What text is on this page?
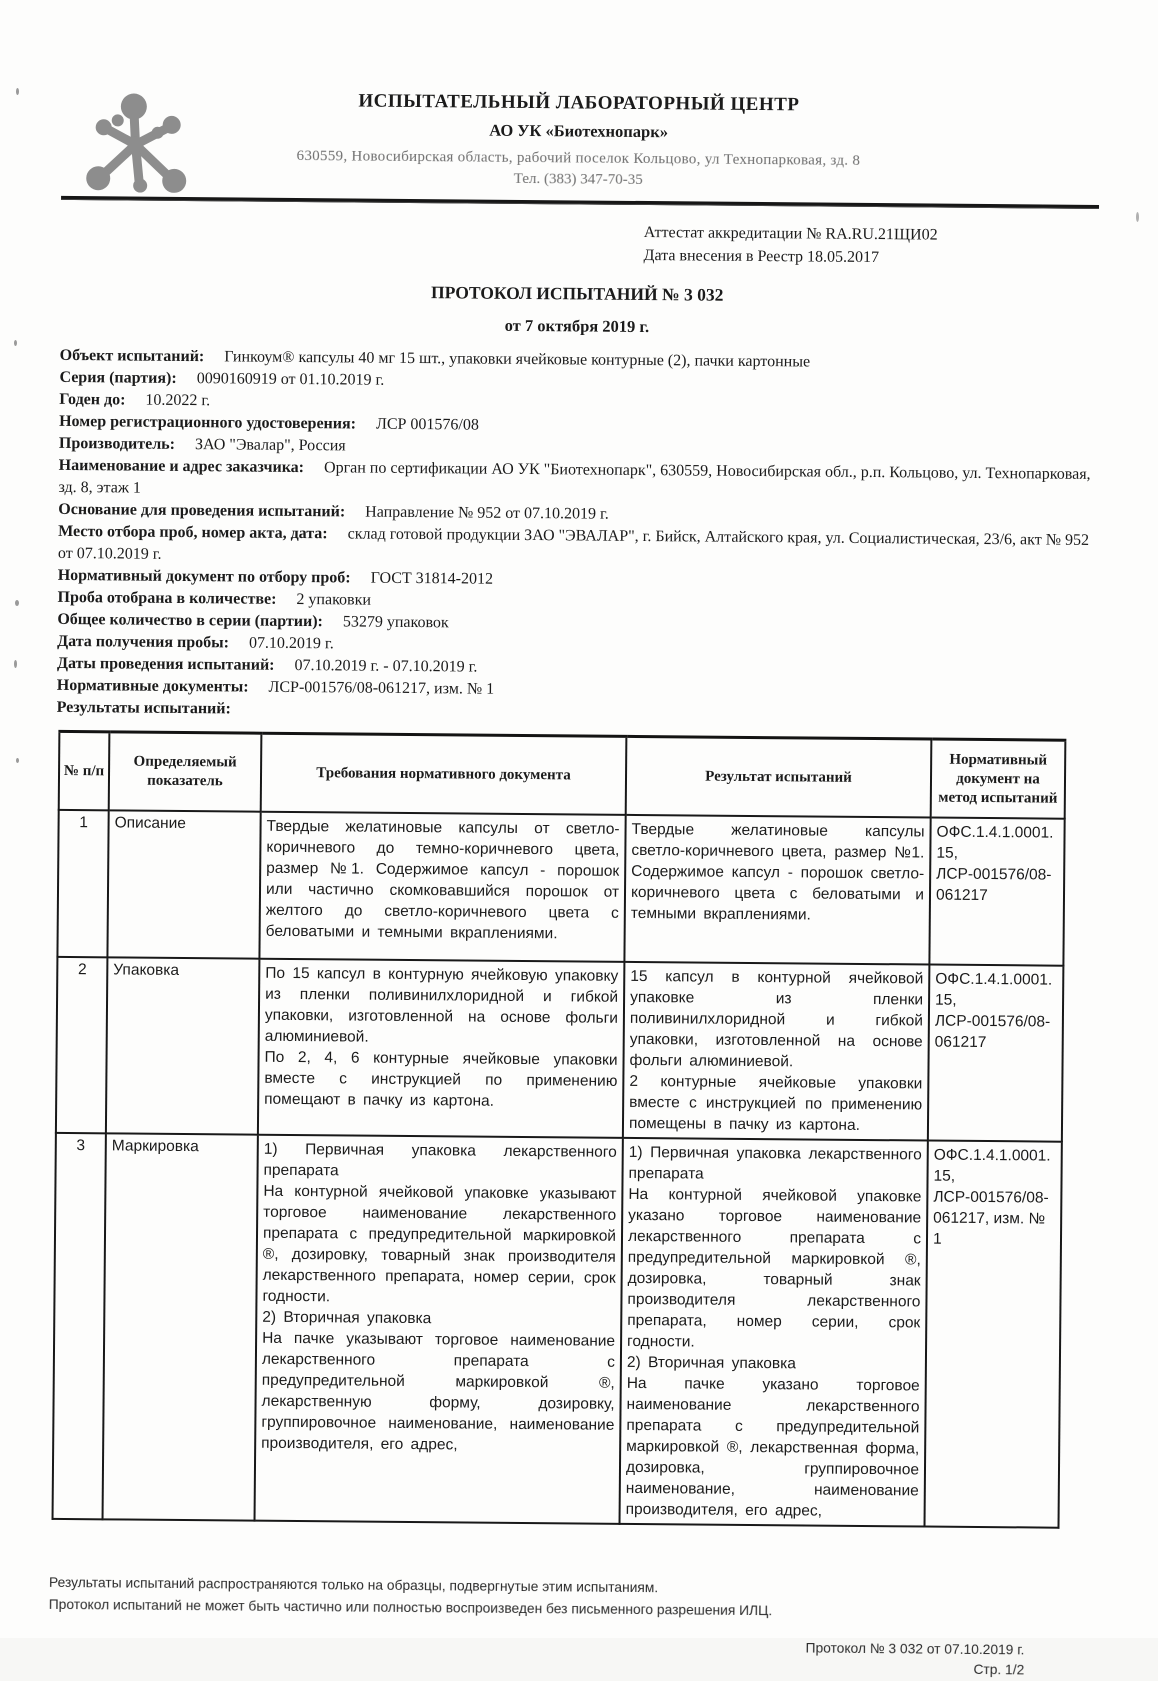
ИСПЫТАТЕЛЬНЫЙ ЛАБОРАТОРНЫЙ ЦЕНТР
АО УК «Биотехнопарк»
630559, Новосибирская область, рабочий поселок Кольцово, ул Технопарковая, зд. 8
Тел. (383) 347-70-35
Аттестат аккредитации № RA.RU.21ЩИ02
Дата внесения в Реестр 18.05.2017
ПРОТОКОЛ ИСПЫТАНИЙ № 3 032
от 7 октября 2019 г.
Объект испытаний: Гинкоум® капсулы 40 мг 15 шт., упаковки ячейковые контурные (2), пачки картонные
Серия (партия): 0090160919 от 01.10.2019 г.
Годен до: 10.2022 г.
Номер регистрационного удостоверения: ЛСР 001576/08
Производитель: ЗАО "Эвалар", Россия
Наименование и адрес заказчика: Орган по сертификации АО УК "Биотехнопарк", 630559, Новосибирская обл., р.п. Кольцово, ул. Технопарковая, зд. 8, этаж 1
Основание для проведения испытаний: Направление № 952 от 07.10.2019 г.
Место отбора проб, номер акта, дата: склад готовой продукции ЗАО "ЭВАЛАР", г. Бийск, Алтайского края, ул. Социалистическая, 23/6, акт № 952 от 07.10.2019 г.
Нормативный документ по отбору проб: ГОСТ 31814-2012
Проба отобрана в количестве: 2 упаковки
Общее количество в серии (партии): 53279 упаковок
Дата получения пробы: 07.10.2019 г.
Даты проведения испытаний: 07.10.2019 г. - 07.10.2019 г.
Нормативные документы: ЛСР-001576/08-061217, изм. № 1
Результаты испытаний:
№ п/п	Определяемый показатель	Требования нормативного документа	Результат испытаний	Нормативный документ на метод испытаний
1	Описание	Твердые желатиновые капсулы от светло-коричневого до темно-коричневого цвета, размер №1. Содержимое капсул - порошок или частично скомковавшийся порошок от желтого до светло-коричневого цвета с беловатыми и темными вкраплениями.	Твердые желатиновые капсулы светло-коричневого цвета, размер №1. Содержимое капсул - порошок светло-коричневого цвета с беловатыми и темными вкраплениями.	ОФС.1.4.1.0001.
15,
ЛСР-001576/08-
061217
2	Упаковка	По 15 капсул в контурную ячейковую упаковку из пленки поливинилхлоридной и гибкой упаковки, изготовленной на основе фольги алюминиевой.
По 2, 4, 6 контурные ячейковые упаковки вместе с инструкцией по применению помещают в пачку из картона.	15 капсул в контурной ячейковой упаковке из пленки поливинилхлоридной и гибкой упаковки, изготовленной на основе фольги алюминиевой.
2 контурные ячейковые упаковки вместе с инструкцией по применению помещены в пачку из картона.	ОФС.1.4.1.0001.
15,
ЛСР-001576/08-
061217
3	Маркировка	1) Первичная упаковка лекарственного препарата
На контурной ячейковой упаковке указывают торговое наименование лекарственного препарата с предупредительной маркировкой ®, дозировку, товарный знак производителя лекарственного препарата, номер серии, срок годности.
2) Вторичная упаковка
На пачке указывают торговое наименование лекарственного препарата с предупредительной маркировкой ®, лекарственную форму, дозировку, группировочное наименование, наименование производителя, его адрес,	1) Первичная упаковка лекарственного препарата
На контурной ячейковой упаковке указано торговое наименование лекарственного препарата с предупредительной маркировкой ®, дозировка, товарный знак производителя лекарственного препарата, номер серии, срок годности.
2) Вторичная упаковка
На пачке указано торговое наименование лекарственного препарата с предупредительной маркировкой ®, лекарственная форма, дозировка, группировочное наименование, наименование производителя, его адрес,	ОФС.1.4.1.0001.
15,
ЛСР-001576/08-
061217, изм. №
1
Результаты испытаний распространяются только на образцы, подвергнутые этим испытаниям.
Протокол испытаний не может быть частично или полностью воспроизведен без письменного разрешения ИЛЦ.
Протокол № 3 032 от 07.10.2019 г.
Стр. 1/2
